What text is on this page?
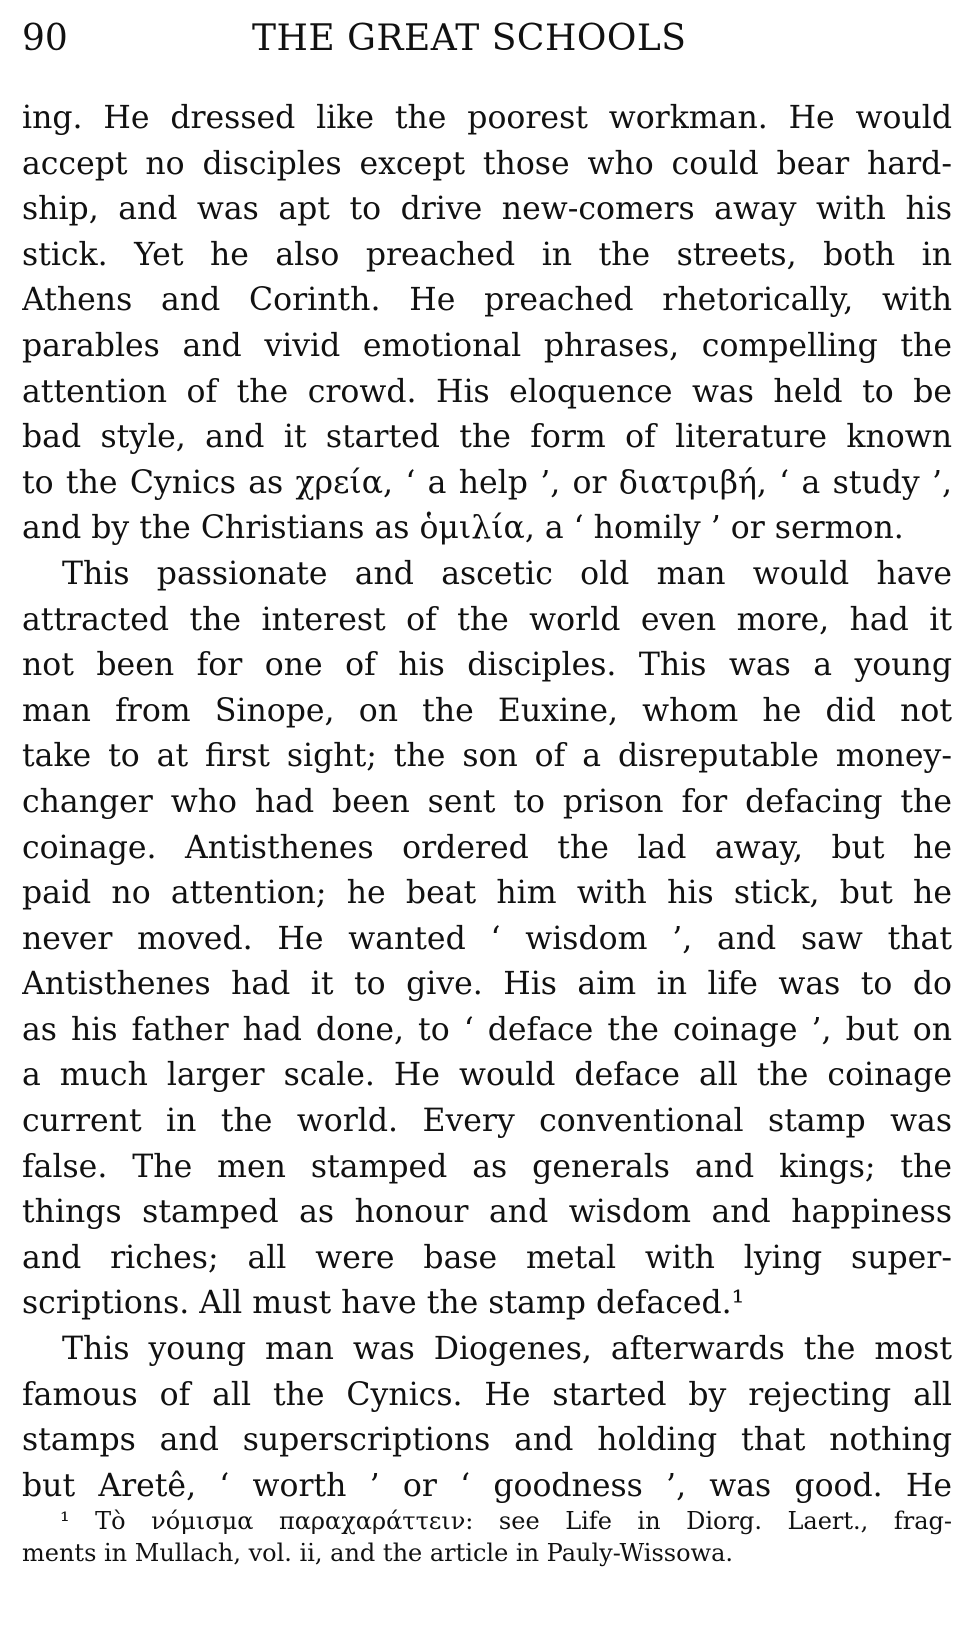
90	THE GREAT SCHOOLS
ing. He dressed like the poorest workman. He would
accept no disciples except those who could bear hard-
ship, and was apt to drive new-comers away with his
stick. Yet he also preached in the streets, both in
Athens and Corinth. He preached rhetorically, with
parables and vivid emotional phrases, compelling the
attention of the crowd. His eloquence was held to be
bad style, and it started the form of literature known
to the Cynics as χρεία, ‘ a help ’, or διατριβή, ‘ a study ’,
and by the Christians as ὁμιλία, a ‘ homily ’ or sermon.
This passionate and ascetic old man would have
attracted the interest of the world even more, had it
not been for one of his disciples. This was a young
man from Sinope, on the Euxine, whom he did not
take to at first sight; the son of a disreputable money-
changer who had been sent to prison for defacing the
coinage. Antisthenes ordered the lad away, but he
paid no attention; he beat him with his stick, but he
never moved. He wanted ‘ wisdom ’, and saw that
Antisthenes had it to give. His aim in life was to do
as his father had done, to ‘ deface the coinage ’, but on
a much larger scale. He would deface all the coinage
current in the world. Every conventional stamp was
false. The men stamped as generals and kings; the
things stamped as honour and wisdom and happiness
and riches; all were base metal with lying super-
scriptions. All must have the stamp defaced.¹
This young man was Diogenes, afterwards the most
famous of all the Cynics. He started by rejecting all
stamps and superscriptions and holding that nothing
but Aretê, ‘ worth ’ or ‘ goodness ’, was good. He
¹ Τὸ νόμισμα παραχαράττειν: see Life in Diorg. Laert., frag-
ments in Mullach, vol. ii, and the article in Pauly-Wissowa.
